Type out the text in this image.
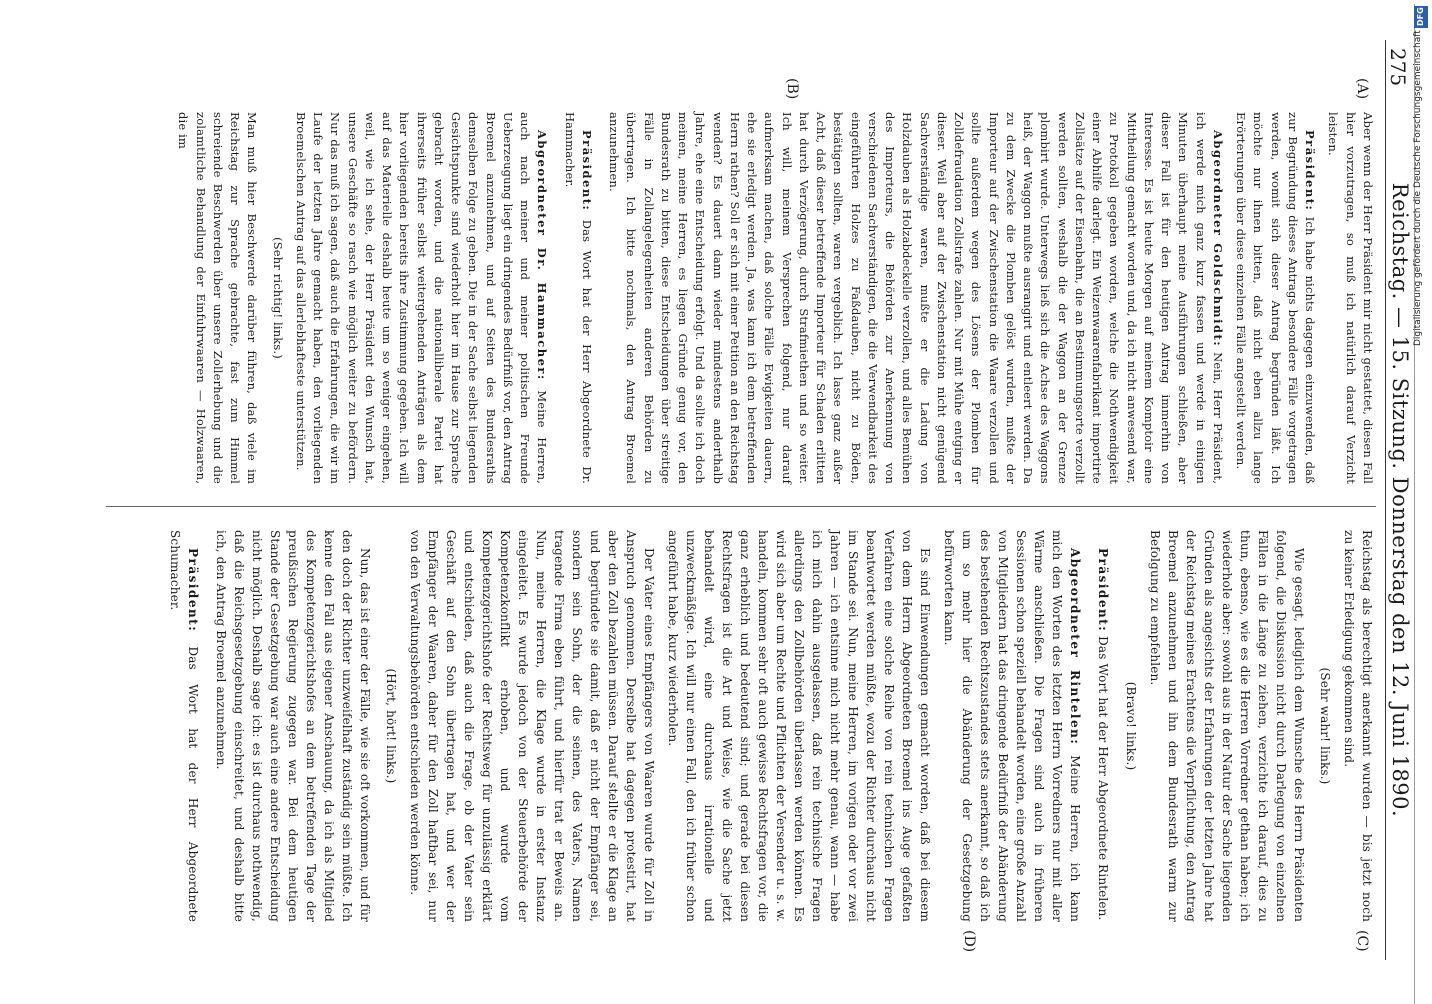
275
Reichstag. — 15. Sitzung. Donnerstag den 12. Juni 1890.
(A)
(B)
(C)
(D)

Aber wenn der Herr Präsident mir nicht gestattet, diesen Fall hier vorzutragen, so muß ich natürlich darauf Verzicht leisten.

Präsident: Ich habe nichts dagegen einzuwenden, daß zur Begründung dieses Antrags besondere Fälle vorgetragen werden, womit sich dieser Antrag begründen läßt. Ich möchte nur ihnen bitten, daß nicht eben allzu lange Erörterungen über diese einzelnen Fälle angestellt werden.

Abgeordneter Goldschmidt: Nein, Herr Präsident, ich werde mich ganz kurz fassen und werde in einigen Minuten überhaupt meine Ausführungen schließen, aber dieser Fall ist für den heutigen Antrag immerhin von Interesse. Es ist heute Morgen auf meinem Komptoir eine Mittheilung gemacht worden und, da ich nicht anwesend war, zu Protokoll gegeben worden, welche die Nothwendigkeit einer Abhilfe darlegt. Ein Weizenwaarenfabrikant importirte Zollsätze auf der Eisenbahn, die an Bestimmungsorte verzollt werden sollten, weshalb die der Waggon an der Grenze plombirt wurde. Unterwegs ließ sich die Achse des Waggons heiß, der Waggon mußte ausrangirt und entleert werden. Da zu dem Zwecke die Plomben gelöst wurden, mußte der Importeur auf der Zwischenstation die Waare verzollen und sollte außerdem wegen des Lösens der Plomben für Zolldefraudation Zollstrafe zahlen. Nur mit Mühe entging er dieser. Weil aber auf der Zwischenstation nicht genügend Sachverständige waren, mußte er die Ladung von Holzdauben als Holzabdeckelle verzollen, und alles Bemühen des Importeurs, die Behörden zur Anerkennung von verschiedenen Sachverständigen, die die Verwendbarkeit des eingeführten Holzes zu Faßdauben, nicht zu Böden, bestätigen sollten, waren vergeblich. Ich lasse ganz außer Acht, daß dieser betreffende Importeur für Schaden erlitten hat durch Verzögerung, durch Strafmiethen und so weiter. Ich will, meinem Versprechen folgend, nur darauf aufmerksam machen, daß solche Fälle Ewigkeiten dauern, ehe sie erledigt werden. Ja, was kann ich dem betreffenden Herrn rathen? Soll er sich mit einer Petition an den Reichstag wenden? Es dauert dann wieder mindestens anderthalb Jahre, ehe eine Entscheidung erfolgt. Und da sollte ich doch meinen, meine Herren, es liegen Gründe genug vor, den Bundesrath zu bitten, diese Entscheidungen über streitige Fälle in Zollangelegenheiten anderen Behörden zu übertragen. Ich bitte nochmals, den Antrag Broemel anzunehmen.

Präsident: Das Wort hat der Herr Abgeordnete Dr. Hammacher.

Abgeordneter Dr. Hammacher: Meine Herren, auch nach meiner und meiner politischen Freunde Ueberzeugung liegt ein dringendes Bedürfniß vor, den Antrag Broemel anzunehmen, und auf Seiten des Bundesraths demselben Folge zu geben. Die in der Sache selbst liegenden Gesichtspunkte sind wiederholt hier im Hause zur Sprache gebracht worden, und die nationalliberale Partei hat ihrerseits früher selbst weitergehenden Anträgen als dem hier vorliegenden bereits ihre Zustimmung gegeben. Ich will auf das Materielle deshalb heute um so weniger eingehen, weil, wie ich sehe, der Herr Präsident den Wunsch hat, unsere Geschäfte so rasch wie möglich weiter zu befördern. Nur das muß ich sagen, daß auch die Erfahrungen, die wir im Laufe der letzten Jahre gemacht haben, den vorliegenden Broemelschen Antrag auf das allerlebhafteste unterstützen.

(Sehr richtig! links.)

Man muß hier Beschwerde darüber führen, daß viele im Reichstag zur Sprache gebrachte, fast zum Himmel schreiende Beschwerden über unsere Zollerhebung und die zolamtliche Behandlung der Einfuhrwaaren — Holzwaaren, die im

Reichstag als berechtigt anerkannt wurden — bis jetzt noch zu keiner Erledigung gekommen sind.

(Sehr wahr! links.)

Wie gesagt, lediglich dem Wunsche des Herrn Präsidenten folgend, die Diskussion nicht durch Darlegung von einzelnen Fällen in die Länge zu ziehen, verzichte ich darauf, dies zu thun, ebenso, wie es die Herren Vorredner gethan haben; ich wiederhole aber: sowohl aus in der Natur der Sache liegenden Gründen als angesichts der Erfahrungen der letzten Jahre hat der Reichstag meines Erachtens die Verpflichtung, den Antrag Broemel anzunehmen und ihn dem Bundesrath warm zur Befolgung zu empfehlen.

(Bravo! links.)

Präsident: Das Wort hat der Herr Abgeordnete Rintelen.

Abgeordneter Rintelen: Meine Herren, ich kann mich den Worten des letzten Herrn Vorredners nur mit aller Wärme anschließen. Die Fragen sind auch in früheren Sessionen schon speziell behandelt worden, eine große Anzahl von Mitgliedern hat das dringende Bedürfniß der Abänderung des bestehenden Rechtszustandes stets anerkannt, so daß ich um so mehr hier die Abänderung der Gesetzgebung befürworten kann.

Es sind Einwendungen gemacht worden, daß bei diesem von dem Herrn Abgeordneten Broemel ins Auge gefaßten Verfahren eine solche Reihe von rein technischen Fragen beantwortet werden müßte, wozu der Richter durchaus nicht im Stande sei. Nun, meine Herren, im vorigen oder vor zwei Jahren — ich entsinne mich nicht mehr genau, wann — habe ich mich dahin ausgelassen, daß rein technische Fragen allerdings den Zollbehörden überlassen werden können. Es wird sich aber um Rechte und Pflichten der Versender u. s. w. handeln, kommen sehr oft auch gewisse Rechtsfragen vor, die ganz erheblich und bedeutend sind; und gerade bei diesen Rechtsfragen ist die Art und Weise, wie die Sache jetzt behandelt wird, eine durchaus irrationelle und unzweckmäßige. Ich will nur einen Fall, den ich früher schon angeführt habe, kurz wiederholen.

Der Vater eines Empfängers von Waaren wurde für Zoll in Anspruch genommen. Derselbe hat dagegen protestirt, hat aber den Zoll bezahlen müssen. Darauf stellte er die Klage an und begründete sie damit, daß er nicht der Empfänger sei, sondern sein Sohn, der die seinen, des Vaters, Namen tragende Firma eben führt, und hierfür trat er Beweis an. Nun, meine Herren, die Klage wurde in erster Instanz eingeleitet. Es wurde jedoch von der Steuerbehörde der Kompetenzkonflikt erhoben, und wurde vom Kompetenzgerichtshofe der Rechtsweg für unzulässig erklärt und entschieden, daß auch die Frage, ob der Vater sein Geschäft auf den Sohn übertragen hat, und wer der Empfänger der Waaren, daher für den Zoll haftbar sei, nur von den Verwaltungsbehörden entschieden werden könne.

(Hört, hört! links.)

Nun, das ist einer der Fälle, wie sie oft vorkommen, und für den doch der Richter unzweifelhaft zuständig sein müßte. Ich kenne den Fall aus eigener Anschauung, da ich als Mitglied des Kompetenzgerichtshofes an dem betreffenden Tage der preußischen Regierung zugegen war. Bei dem heutigen Stande der Gesetzgebung war auch eine andere Entscheidung nicht möglich. Deshalb sage ich: es ist durchaus nothwendig, daß die Reichsgesetzgebung einschreitet, und deshalb bitte ich, den Antrag Broemel anzunehmen.

Präsident: Das Wort hat der Herr Abgeordnete Schumacher.

DFG
Digitalisierung gefördert durch die Deutsche Forschungsgemeinschaft
